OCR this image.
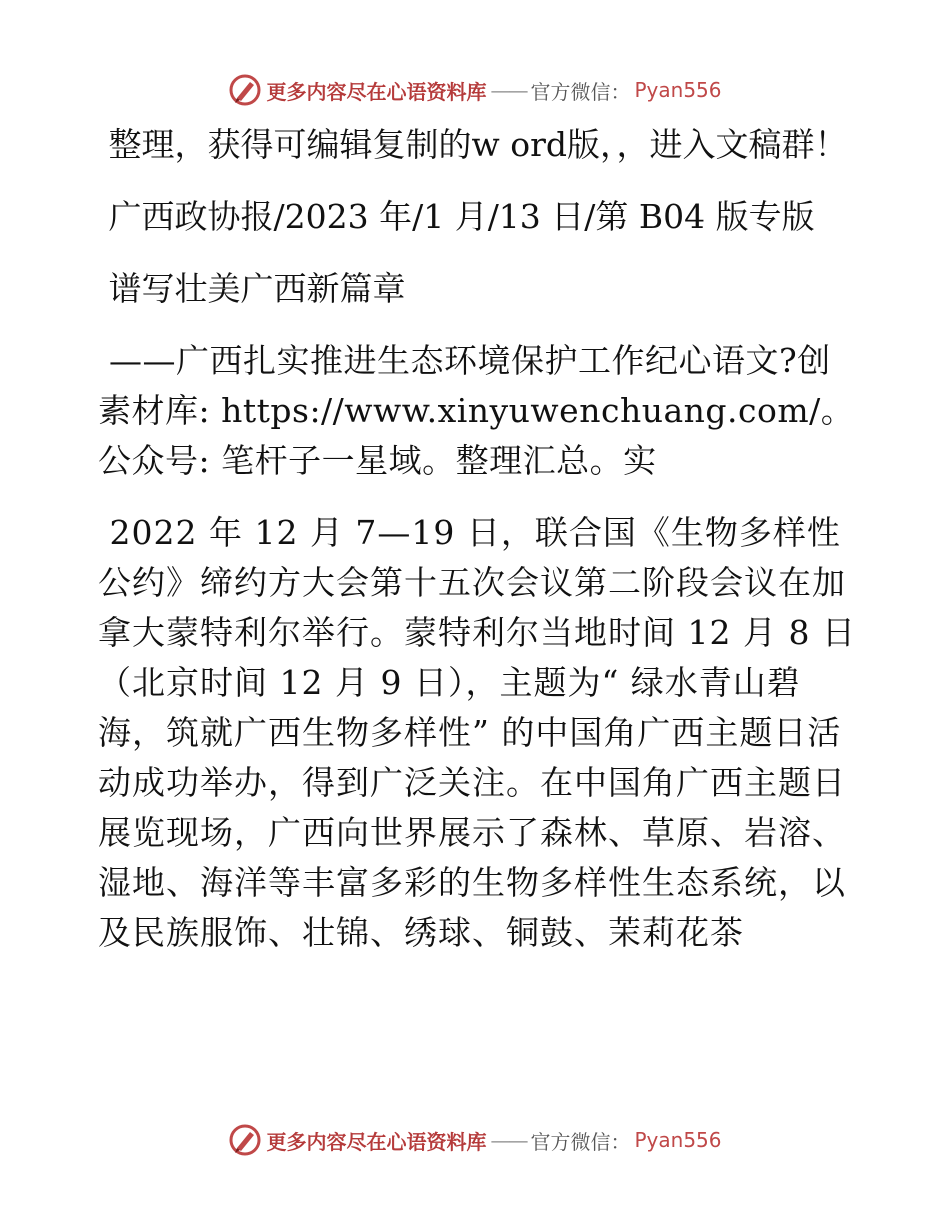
更多内容尽在心语资料库 —— 官方微信： Pyan556

整理，获得可编辑复制的w ord版，，进入文稿群！

广西政协报/2023 年/1 月/13 日/第 B04 版专版

谱写壮美广西新篇章

——广西扎实推进生态环境保护工作纪心语文?创素材库: https://www.xinyuwenchuang.com/。公众号: 笔杆子一星域。整理汇总。实

2022 年 12 月 7—19 日，联合国《生物多样性公约》缔约方大会第十五次会议第二阶段会议在加拿大蒙特利尔举行。蒙特利尔当地时间 12 月 8 日（北京时间 12 月 9 日），主题为“ 绿水青山碧海，筑就广西生物多样性” 的中国角广西主题日活动成功举办，得到广泛关注。在中国角广西主题日展览现场，广西向世界展示了森林、草原、岩溶、湿地、海洋等丰富多彩的生物多样性生态系统，以及民族服饰、壮锦、绣球、铜鼓、茉莉花茶

更多内容尽在心语资料库 —— 官方微信： Pyan556
